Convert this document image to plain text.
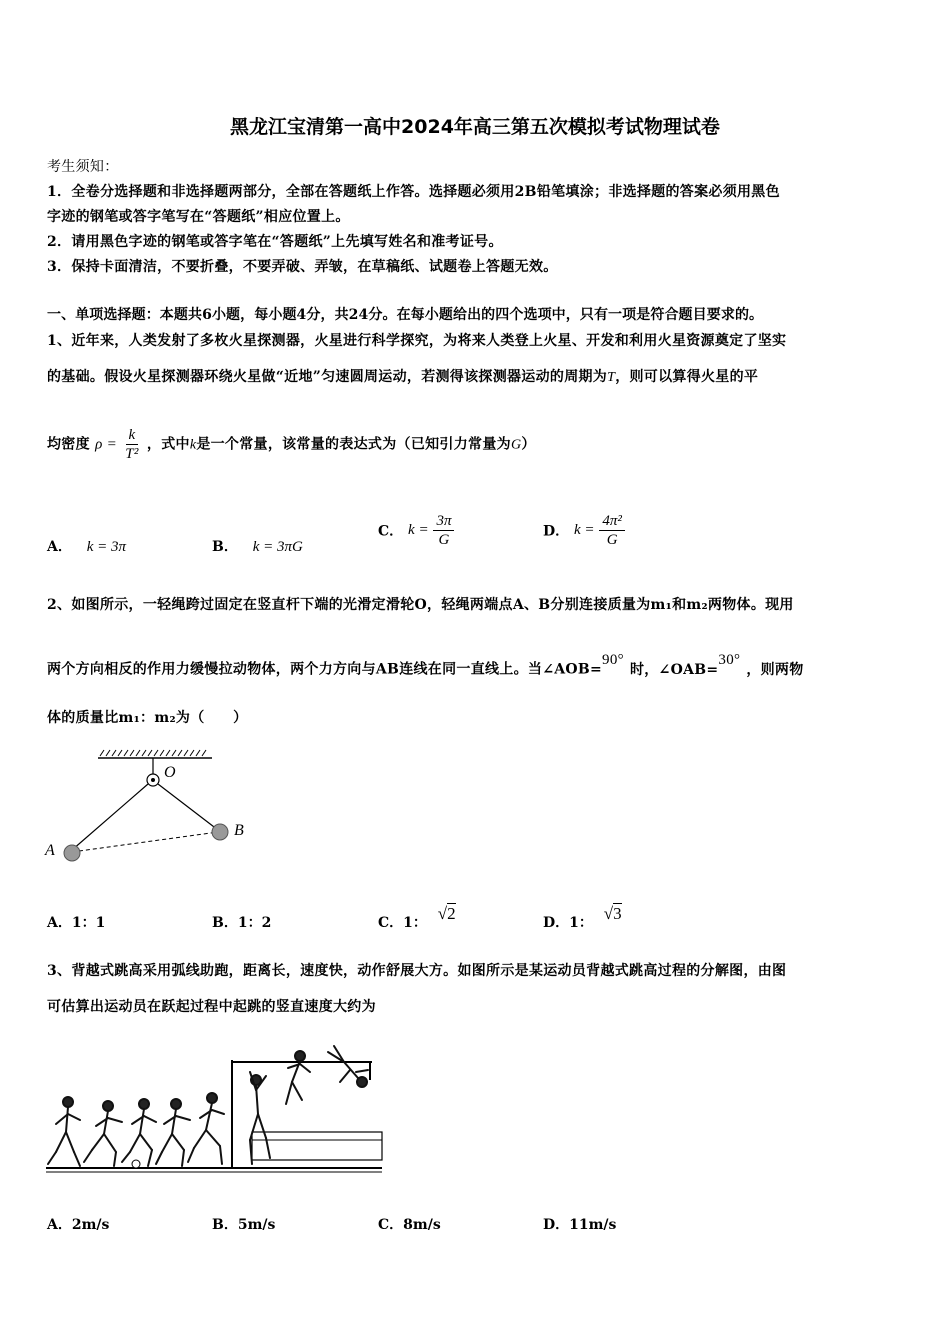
黑龙江宝清第一高中2024年高三第五次模拟考试物理试卷
考生须知：
1．全卷分选择题和非选择题两部分，全部在答题纸上作答。选择题必须用2B铅笔填涂；非选择题的答案必须用黑色
字迹的钢笔或答字笔写在“答题纸”相应位置上。
2．请用黑色字迹的钢笔或答字笔在“答题纸”上先填写姓名和准考证号。
3．保持卡面清洁，不要折叠，不要弄破、弄皱，在草稿纸、试题卷上答题无效。
一、单项选择题：本题共6小题，每小题4分，共24分。在每小题给出的四个选项中，只有一项是符合题目要求的。
1、近年来，人类发射了多枚火星探测器，火星进行科学探究，为将来人类登上火星、开发和利用火星资源奠定了坚实
的基础。假设火星探测器环绕火星做“近地”匀速圆周运动，若测得该探测器运动的周期为T，则可以算得火星的平
均密度 $\rho = \frac{k}{\text{T²}}$ ，式中k是一个常量，该常量的表达式为（已知引力常量为G）
A． k = 3π	B． k = 3πG
C． $k = \frac{3\pi}{G}$	D． $k = \frac{\text{4π²}}{G}$
2、如图所示，一轻绳跨过固定在竖直杆下端的光滑定滑轮O，轻绳两端点A、B分别连接质量为m₁和m₂两物体。现用
两个方向相反的作用力缓慢拉动物体，两个力方向与AB连线在同一直线上。当∠AOB=$^{90^\circ}$时，∠OAB=$^{30^\circ}$，则两物
体的质量比m₁：m₂为（　　）
O
A
B
A．1：1	B．1：2	C．1： √2	D．1： √3
3、背越式跳高采用弧线助跑，距离长，速度快，动作舒展大方。如图所示是某运动员背越式跳高过程的分解图，由图
可估算出运动员在跃起过程中起跳的竖直速度大约为
A．2m/s	B．5m/s	C．8m/s	D．11m/s
